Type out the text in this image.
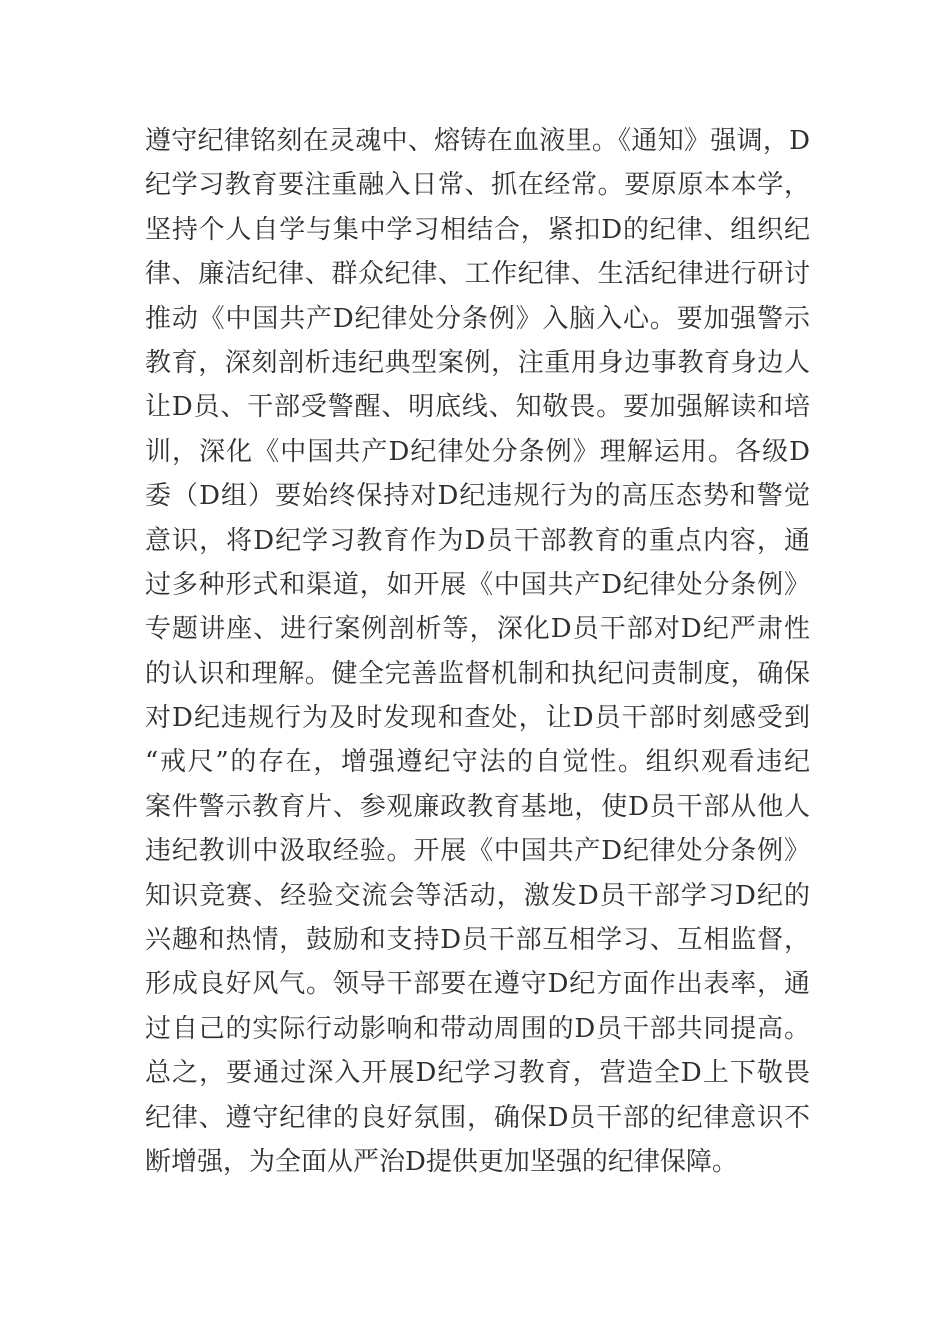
遵守纪律铭刻在灵魂中、熔铸在血液里。《通知》强调，D
纪学习教育要注重融入日常、抓在经常。要原原本本学，
坚持个人自学与集中学习相结合，紧扣D的纪律、组织纪
律、廉洁纪律、群众纪律、工作纪律、生活纪律进行研讨
推动《中国共产D纪律处分条例》入脑入心。要加强警示
教育，深刻剖析违纪典型案例，注重用身边事教育身边人
让D员、干部受警醒、明底线、知敬畏。要加强解读和培
训，深化《中国共产D纪律处分条例》理解运用。各级D
委（D组）要始终保持对D纪违规行为的高压态势和警觉
意识，将D纪学习教育作为D员干部教育的重点内容，通
过多种形式和渠道，如开展《中国共产D纪律处分条例》
专题讲座、进行案例剖析等，深化D员干部对D纪严肃性
的认识和理解。健全完善监督机制和执纪问责制度，确保
对D纪违规行为及时发现和查处，让D员干部时刻感受到
“戒尺”的存在，增强遵纪守法的自觉性。组织观看违纪
案件警示教育片、参观廉政教育基地，使D员干部从他人
违纪教训中汲取经验。开展《中国共产D纪律处分条例》
知识竞赛、经验交流会等活动，激发D员干部学习D纪的
兴趣和热情，鼓励和支持D员干部互相学习、互相监督，
形成良好风气。领导干部要在遵守D纪方面作出表率，通
过自己的实际行动影响和带动周围的D员干部共同提高。
总之，要通过深入开展D纪学习教育，营造全D上下敬畏
纪律、遵守纪律的良好氛围，确保D员干部的纪律意识不
断增强，为全面从严治D提供更加坚强的纪律保障。
